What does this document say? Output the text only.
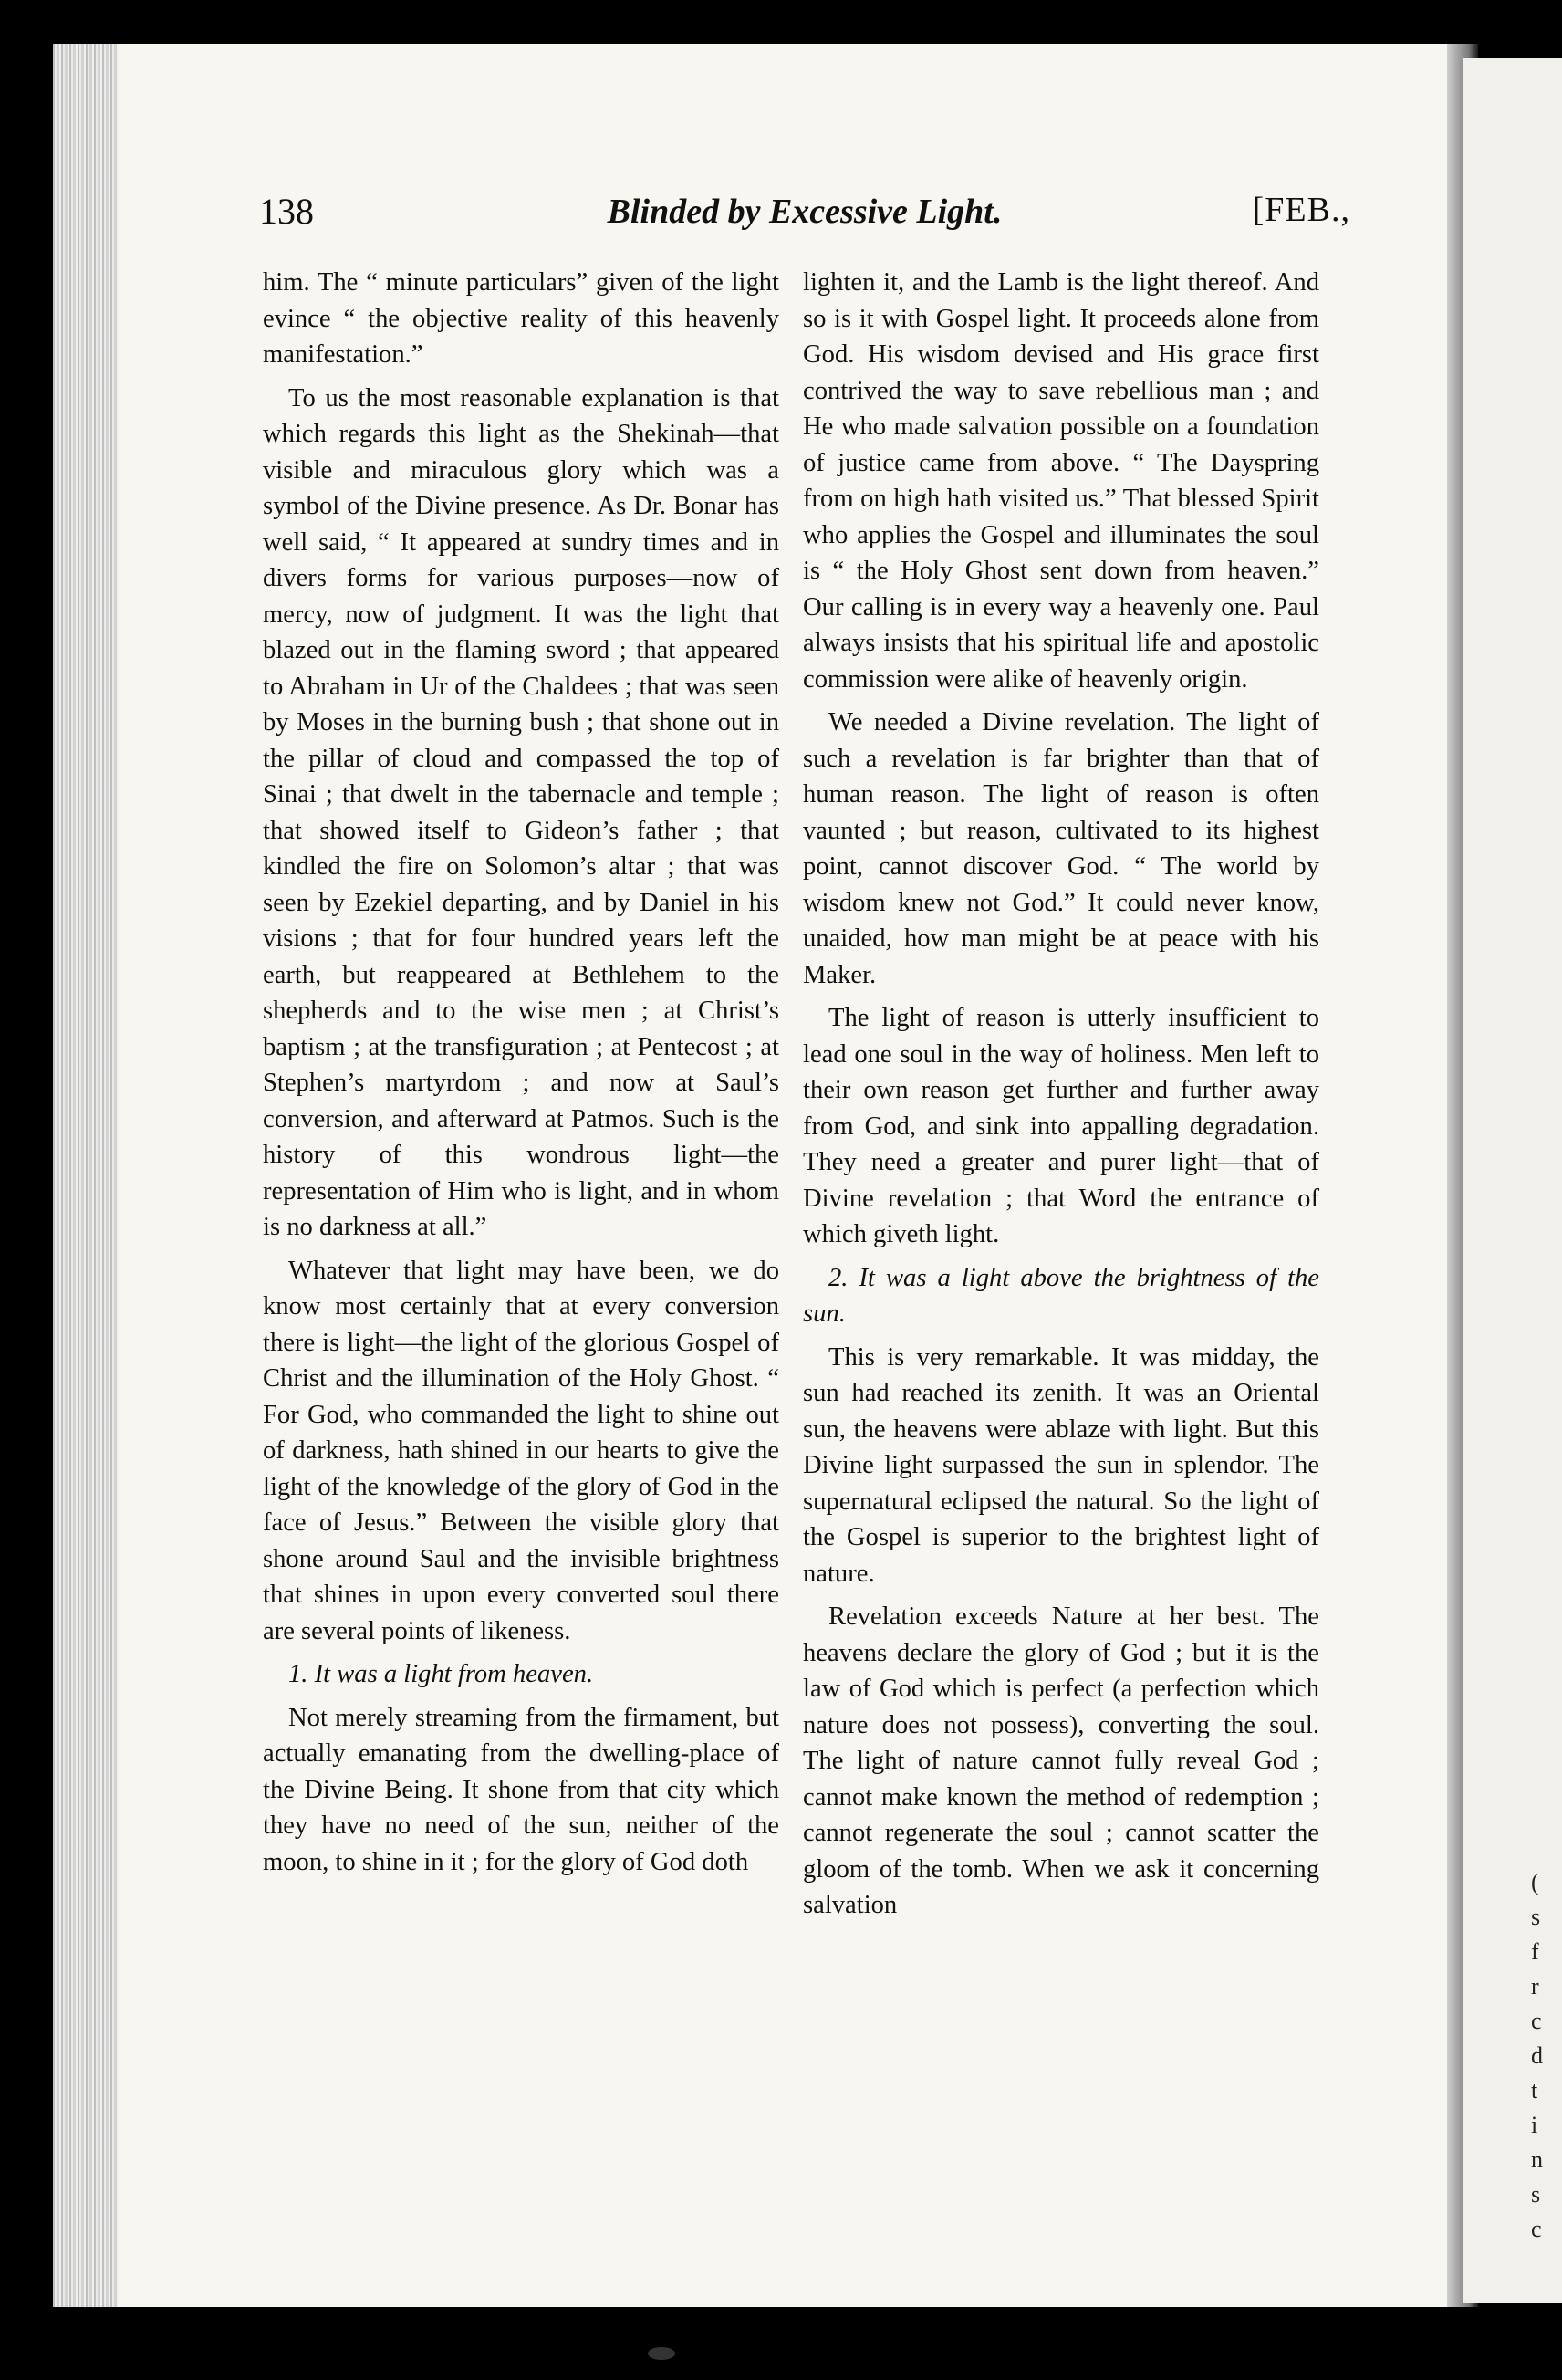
(
s
f
r
c
d
t
i
n
s
c
138	Blinded by Excessive Light.	[FEB.,

him. The “ minute particulars” given of the light evince “ the objective reality of this heavenly manifestation.”

To us the most reasonable explanation is that which regards this light as the Shekinah—that visible and miraculous glory which was a symbol of the Divine presence. As Dr. Bonar has well said, “ It appeared at sundry times and in divers forms for various purposes—now of mercy, now of judgment. It was the light that blazed out in the flaming sword ; that appeared to Abraham in Ur of the Chaldees ; that was seen by Moses in the burning bush ; that shone out in the pillar of cloud and compassed the top of Sinai ; that dwelt in the tabernacle and temple ; that showed itself to Gideon’s father ; that kindled the fire on Solomon’s altar ; that was seen by Ezekiel departing, and by Daniel in his visions ; that for four hundred years left the earth, but reappeared at Bethlehem to the shepherds and to the wise men ; at Christ’s baptism ; at the transfiguration ; at Pentecost ; at Stephen’s martyrdom ; and now at Saul’s conversion, and afterward at Patmos. Such is the history of this wondrous light—the representation of Him who is light, and in whom is no darkness at all.”

Whatever that light may have been, we do know most certainly that at every conversion there is light—the light of the glorious Gospel of Christ and the illumination of the Holy Ghost. “ For God, who commanded the light to shine out of darkness, hath shined in our hearts to give the light of the knowledge of the glory of God in the face of Jesus.” Between the visible glory that shone around Saul and the invisible brightness that shines in upon every converted soul there are several points of likeness.

1. It was a light from heaven.

Not merely streaming from the firmament, but actually emanating from the dwelling-place of the Divine Being. It shone from that city which they have no need of the sun, neither of the moon, to shine in it ; for the glory of God doth

lighten it, and the Lamb is the light thereof. And so is it with Gospel light. It proceeds alone from God. His wisdom devised and His grace first contrived the way to save rebellious man ; and He who made salvation possible on a foundation of justice came from above. “ The Dayspring from on high hath visited us.” That blessed Spirit who applies the Gospel and illuminates the soul is “ the Holy Ghost sent down from heaven.” Our calling is in every way a heavenly one. Paul always insists that his spiritual life and apostolic commission were alike of heavenly origin.

We needed a Divine revelation. The light of such a revelation is far brighter than that of human reason. The light of reason is often vaunted ; but reason, cultivated to its highest point, cannot discover God. “ The world by wisdom knew not God.” It could never know, unaided, how man might be at peace with his Maker.

The light of reason is utterly insufficient to lead one soul in the way of holiness. Men left to their own reason get further and further away from God, and sink into appalling degradation. They need a greater and purer light—that of Divine revelation ; that Word the entrance of which giveth light.

2. It was a light above the brightness of the sun.

This is very remarkable. It was midday, the sun had reached its zenith. It was an Oriental sun, the heavens were ablaze with light. But this Divine light surpassed the sun in splendor. The supernatural eclipsed the natural. So the light of the Gospel is superior to the brightest light of nature.

Revelation exceeds Nature at her best. The heavens declare the glory of God ; but it is the law of God which is perfect (a perfection which nature does not possess), converting the soul. The light of nature cannot fully reveal God ; cannot make known the method of redemption ; cannot regenerate the soul ; cannot scatter the gloom of the tomb. When we ask it concerning salvation
